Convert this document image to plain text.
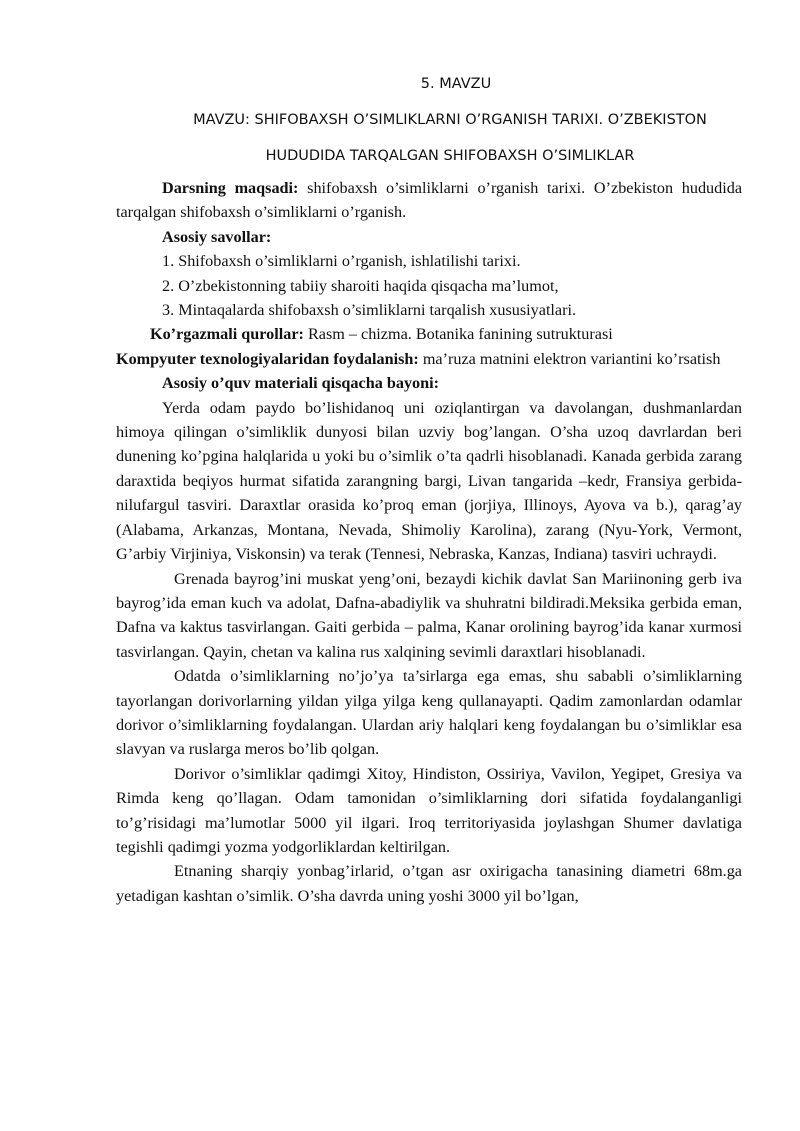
5. MAVZU

MAVZU: SHIFOBAXSH O’SIMLIKLARNI O’RGANISH TARIXI. O’ZBEKISTON

HUDUDIDA TARQALGAN SHIFOBAXSH O’SIMLIKLAR

Darsning maqsadi: shifobaxsh o’simliklarni o’rganish tarixi. O’zbekiston hududida tarqalgan shifobaxsh o’simliklarni o’rganish.

Asosiy savollar:
1. Shifobaxsh o’simliklarni o’rganish, ishlatilishi tarixi.
2. O’zbekistonning tabiiy sharoiti haqida qisqacha ma’lumot,
3. Mintaqalarda shifobaxsh o’simliklarni tarqalish xususiyatlari.
Ko’rgazmali qurollar: Rasm – chizma. Botanika fanining sutrukturasi

Kompyuter texnologiyalaridan foydalanish: ma’ruza matnini elektron variantini ko’rsatish

Asosiy o’quv materiali qisqacha bayoni:

Yerda odam paydo bo’lishidanoq uni oziqlantirgan va davolangan, dushmanlardan himoya qilingan o’simliklik dunyosi bilan uzviy bog’langan. O’sha uzoq davrlardan beri dunening ko’pgina halqlarida u yoki bu o’simlik o’ta qadrli hisoblanadi. Kanada gerbida zarang daraxtida beqiyos hurmat sifatida zarangning bargi, Livan tangarida –kedr, Fransiya gerbida-nilufargul tasviri. Daraxtlar orasida ko’proq eman (jorjiya, Illinoys, Ayova va b.), qarag’ay (Alabama, Arkanzas, Montana, Nevada, Shimoliy Karolina), zarang (Nyu-York, Vermont, G’arbiy Virjiniya, Viskonsin) va terak (Tennesi, Nebraska, Kanzas, Indiana) tasviri uchraydi.

Grenada bayrog’ini muskat yeng’oni, bezaydi kichik davlat San Mariinoning gerb iva bayrog’ida eman kuch va adolat, Dafna-abadiylik va shuhratni bildiradi.Meksika gerbida eman, Dafna va kaktus tasvirlangan. Gaiti gerbida – palma, Kanar orolining bayrog’ida kanar xurmosi tasvirlangan. Qayin, chetan va kalina rus xalqining sevimli daraxtlari hisoblanadi.

Odatda o’simliklarning no’jo’ya ta’sirlarga ega emas, shu sababli o’simliklarning tayorlangan dorivorlarning yildan yilga yilga keng qullanayapti. Qadim zamonlardan odamlar dorivor o’simliklarning foydalangan. Ulardan ariy halqlari keng foydalangan bu o’simliklar esa slavyan va ruslarga meros bo’lib qolgan.

Dorivor o’simliklar qadimgi Xitoy, Hindiston, Ossiriya, Vavilon, Yegipet, Gresiya va Rimda keng qo’llagan. Odam tamonidan o’simliklarning dori sifatida foydalanganligi to’g’risidagi ma’lumotlar 5000 yil ilgari. Iroq territoriyasida joylashgan Shumer davlatiga tegishli qadimgi yozma yodgorliklardan keltirilgan.

Etnaning sharqiy yonbag’irlarid, o’tgan asr oxirigacha tanasining diametri 68m.ga yetadigan kashtan o’simlik. O’sha davrda uning yoshi 3000 yil bo’lgan,
